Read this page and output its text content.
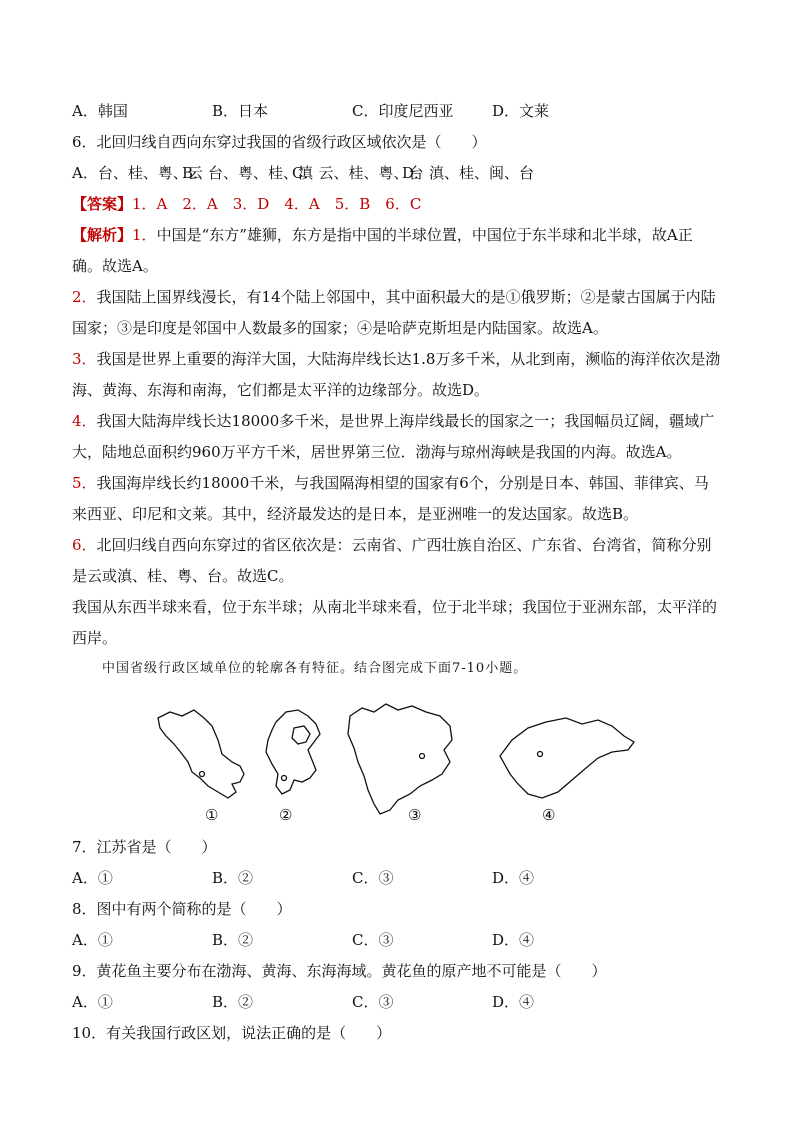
A．韩国	B．日本	C．印度尼西亚	D．文莱
6．北回归线自西向东穿过我国的省级行政区域依次是（　　）
A．台、桂、粤、云
B．台、粤、桂、滇
C．云、桂、粤、台
D．滇、桂、闽、台
【答案】1．A　2．A　3．D　4．A　5．B　6．C
【解析】1．中国是“东方”雄狮，东方是指中国的半球位置，中国位于东半球和北半球，故A正确。故选A。
2．我国陆上国界线漫长，有14个陆上邻国中，其中面积最大的是①俄罗斯；②是蒙古国属于内陆国家；③是印度是邻国中人数最多的国家；④是哈萨克斯坦是内陆国家。故选A。
3．我国是世界上重要的海洋大国，大陆海岸线长达1.8万多千米，从北到南，濒临的海洋依次是渤海、黄海、东海和南海，它们都是太平洋的边缘部分。故选D。
4．我国大陆海岸线长达18000多千米，是世界上海岸线最长的国家之一；我国幅员辽阔，疆域广大，陆地总面积约960万平方千米，居世界第三位．渤海与琼州海峡是我国的内海。故选A。
5．我国海岸线长约18000千米，与我国隔海相望的国家有6个，分别是日本、韩国、菲律宾、马来西亚、印尼和文莱。其中，经济最发达的是日本，是亚洲唯一的发达国家。故选B。
6．北回归线自西向东穿过的省区依次是：云南省、广西壮族自治区、广东省、台湾省，简称分别是云或滇、桂、粤、台。故选C。
我国从东西半球来看，位于东半球；从南北半球来看，位于北半球；我国位于亚洲东部，太平洋的西岸。
中国省级行政区域单位的轮廓各有特征。结合图完成下面7-10小题。
①	②	③	④
7．江苏省是（　　）
A．①	B．②	C．③	D．④
8．图中有两个简称的是（　　）
A．①	B．②	C．③	D．④
9．黄花鱼主要分布在渤海、黄海、东海海域。黄花鱼的原产地不可能是（　　）
A．①	B．②	C．③	D．④
10．有关我国行政区划，说法正确的是（　　）
